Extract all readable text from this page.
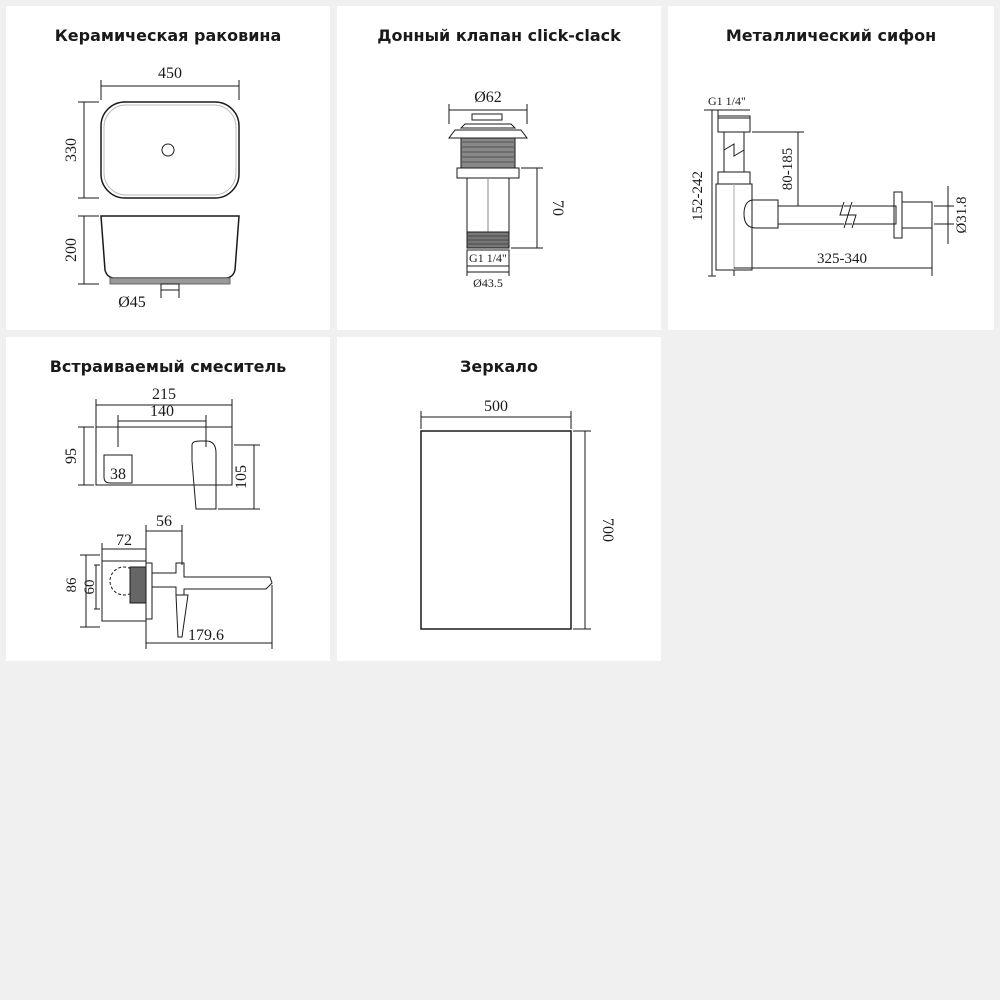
Керамическая раковина
450
330
200
Ø45
Донный клапан click-clack
Ø62
70
G1 1/4"
Ø43.5
Металлический сифон
G1 1/4"
152-242
80-185
325-340
Ø31.8
Встраиваемый смеситель
215
140
95
38	105
56
72
86 60
179.6
Зеркало
500
700
